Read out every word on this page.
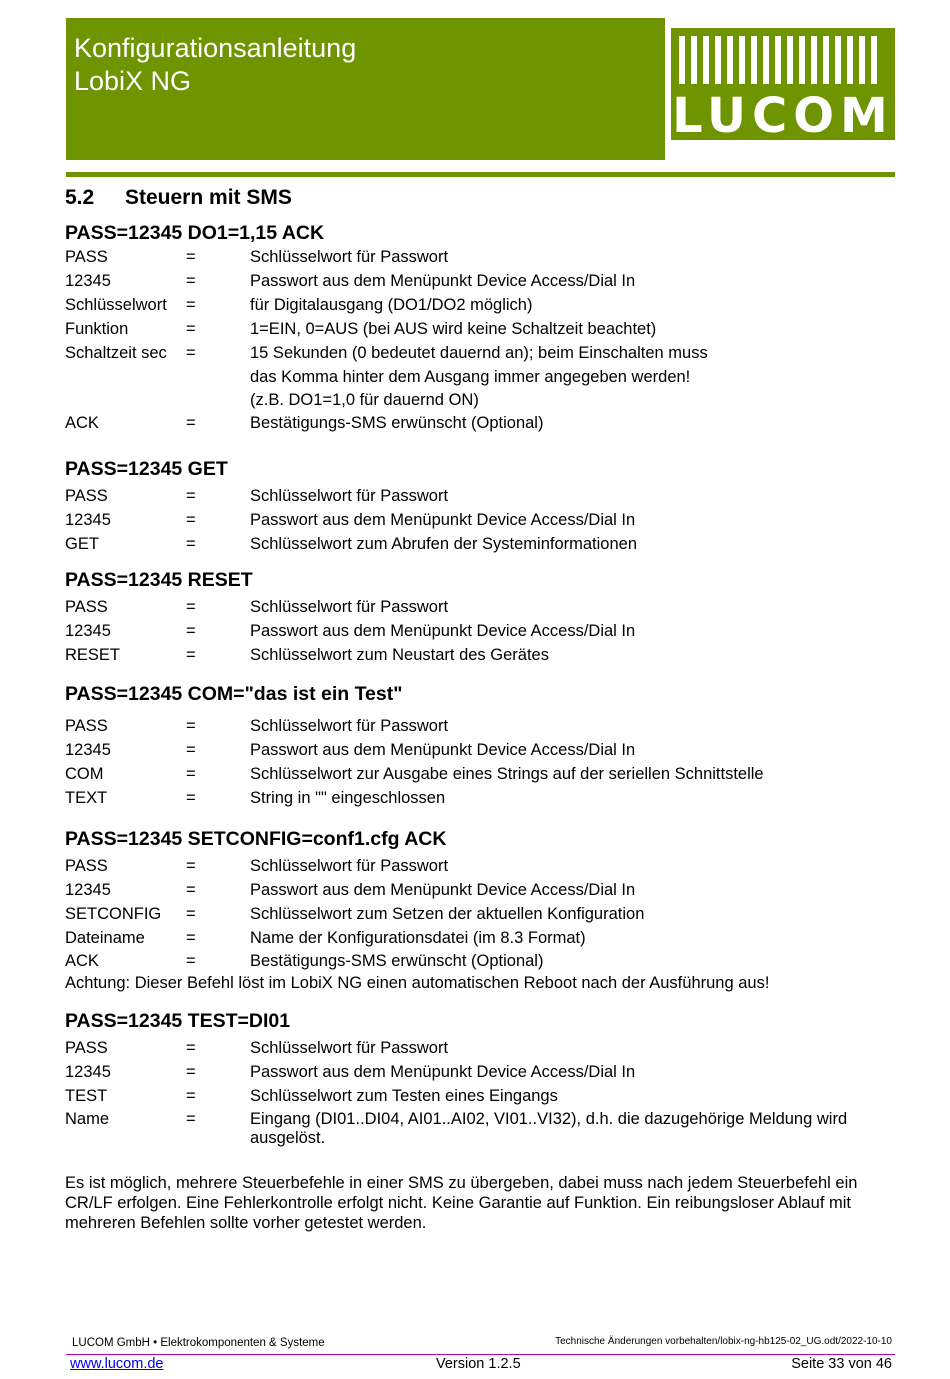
Konfigurationsanleitung
LobiX NG
LUCOM
5.2 Steuern mit SMS
PASS=12345 DO1=1,15 ACK
PASS	=	Schlüsselwort für Passwort
12345	=	Passwort aus dem Menüpunkt Device Access/Dial In
Schlüsselwort =	für Digitalausgang (DO1/DO2 möglich)
Funktion	=	1=EIN, 0=AUS (bei AUS wird keine Schaltzeit beachtet)
Schaltzeit sec =	15 Sekunden (0 bedeutet dauernd an); beim Einschalten muss
das Komma hinter dem Ausgang immer angegeben werden!
(z.B. DO1=1,0 für dauernd ON)
ACK	=	Bestätigungs-SMS erwünscht (Optional)
PASS=12345 GET
PASS	=	Schlüsselwort für Passwort
12345	=	Passwort aus dem Menüpunkt Device Access/Dial In
GET	=	Schlüsselwort zum Abrufen der Systeminformationen
PASS=12345 RESET
PASS	=	Schlüsselwort für Passwort
12345	=	Passwort aus dem Menüpunkt Device Access/Dial In
RESET	=	Schlüsselwort zum Neustart des Gerätes
PASS=12345 COM="das ist ein Test"
PASS	=	Schlüsselwort für Passwort
12345	=	Passwort aus dem Menüpunkt Device Access/Dial In
COM	=	Schlüsselwort zur Ausgabe eines Strings auf der seriellen Schnittstelle
TEXT	=	String in "" eingeschlossen
PASS=12345 SETCONFIG=conf1.cfg ACK
PASS	=	Schlüsselwort für Passwort
12345	=	Passwort aus dem Menüpunkt Device Access/Dial In
SETCONFIG =	Schlüsselwort zum Setzen der aktuellen Konfiguration
Dateiname =	Name der Konfigurationsdatei (im 8.3 Format)
ACK	=	Bestätigungs-SMS erwünscht (Optional)
Achtung: Dieser Befehl löst im LobiX NG einen automatischen Reboot nach der Ausführung aus!
PASS=12345 TEST=DI01
PASS	=	Schlüsselwort für Passwort
12345	=	Passwort aus dem Menüpunkt Device Access/Dial In
TEST	=	Schlüsselwort zum Testen eines Eingangs
Name	=	Eingang (DI01..DI04, AI01..AI02, VI01..VI32), d.h. die dazugehörige Meldung wird
ausgelöst.
Es ist möglich, mehrere Steuerbefehle in einer SMS zu übergeben, dabei muss nach jedem Steuerbefehl ein CR/LF erfolgen. Eine Fehlerkontrolle erfolgt nicht. Keine Garantie auf Funktion. Ein reibungsloser Ablauf mit mehreren Befehlen sollte vorher getestet werden.
LUCOM GmbH • Elektrokomponenten & Systeme	Technische Änderungen vorbehalten/lobix-ng-hb125-02_UG.odt/2022-10-10
www.lucom.de	Version 1.2.5	Seite 33 von 46
